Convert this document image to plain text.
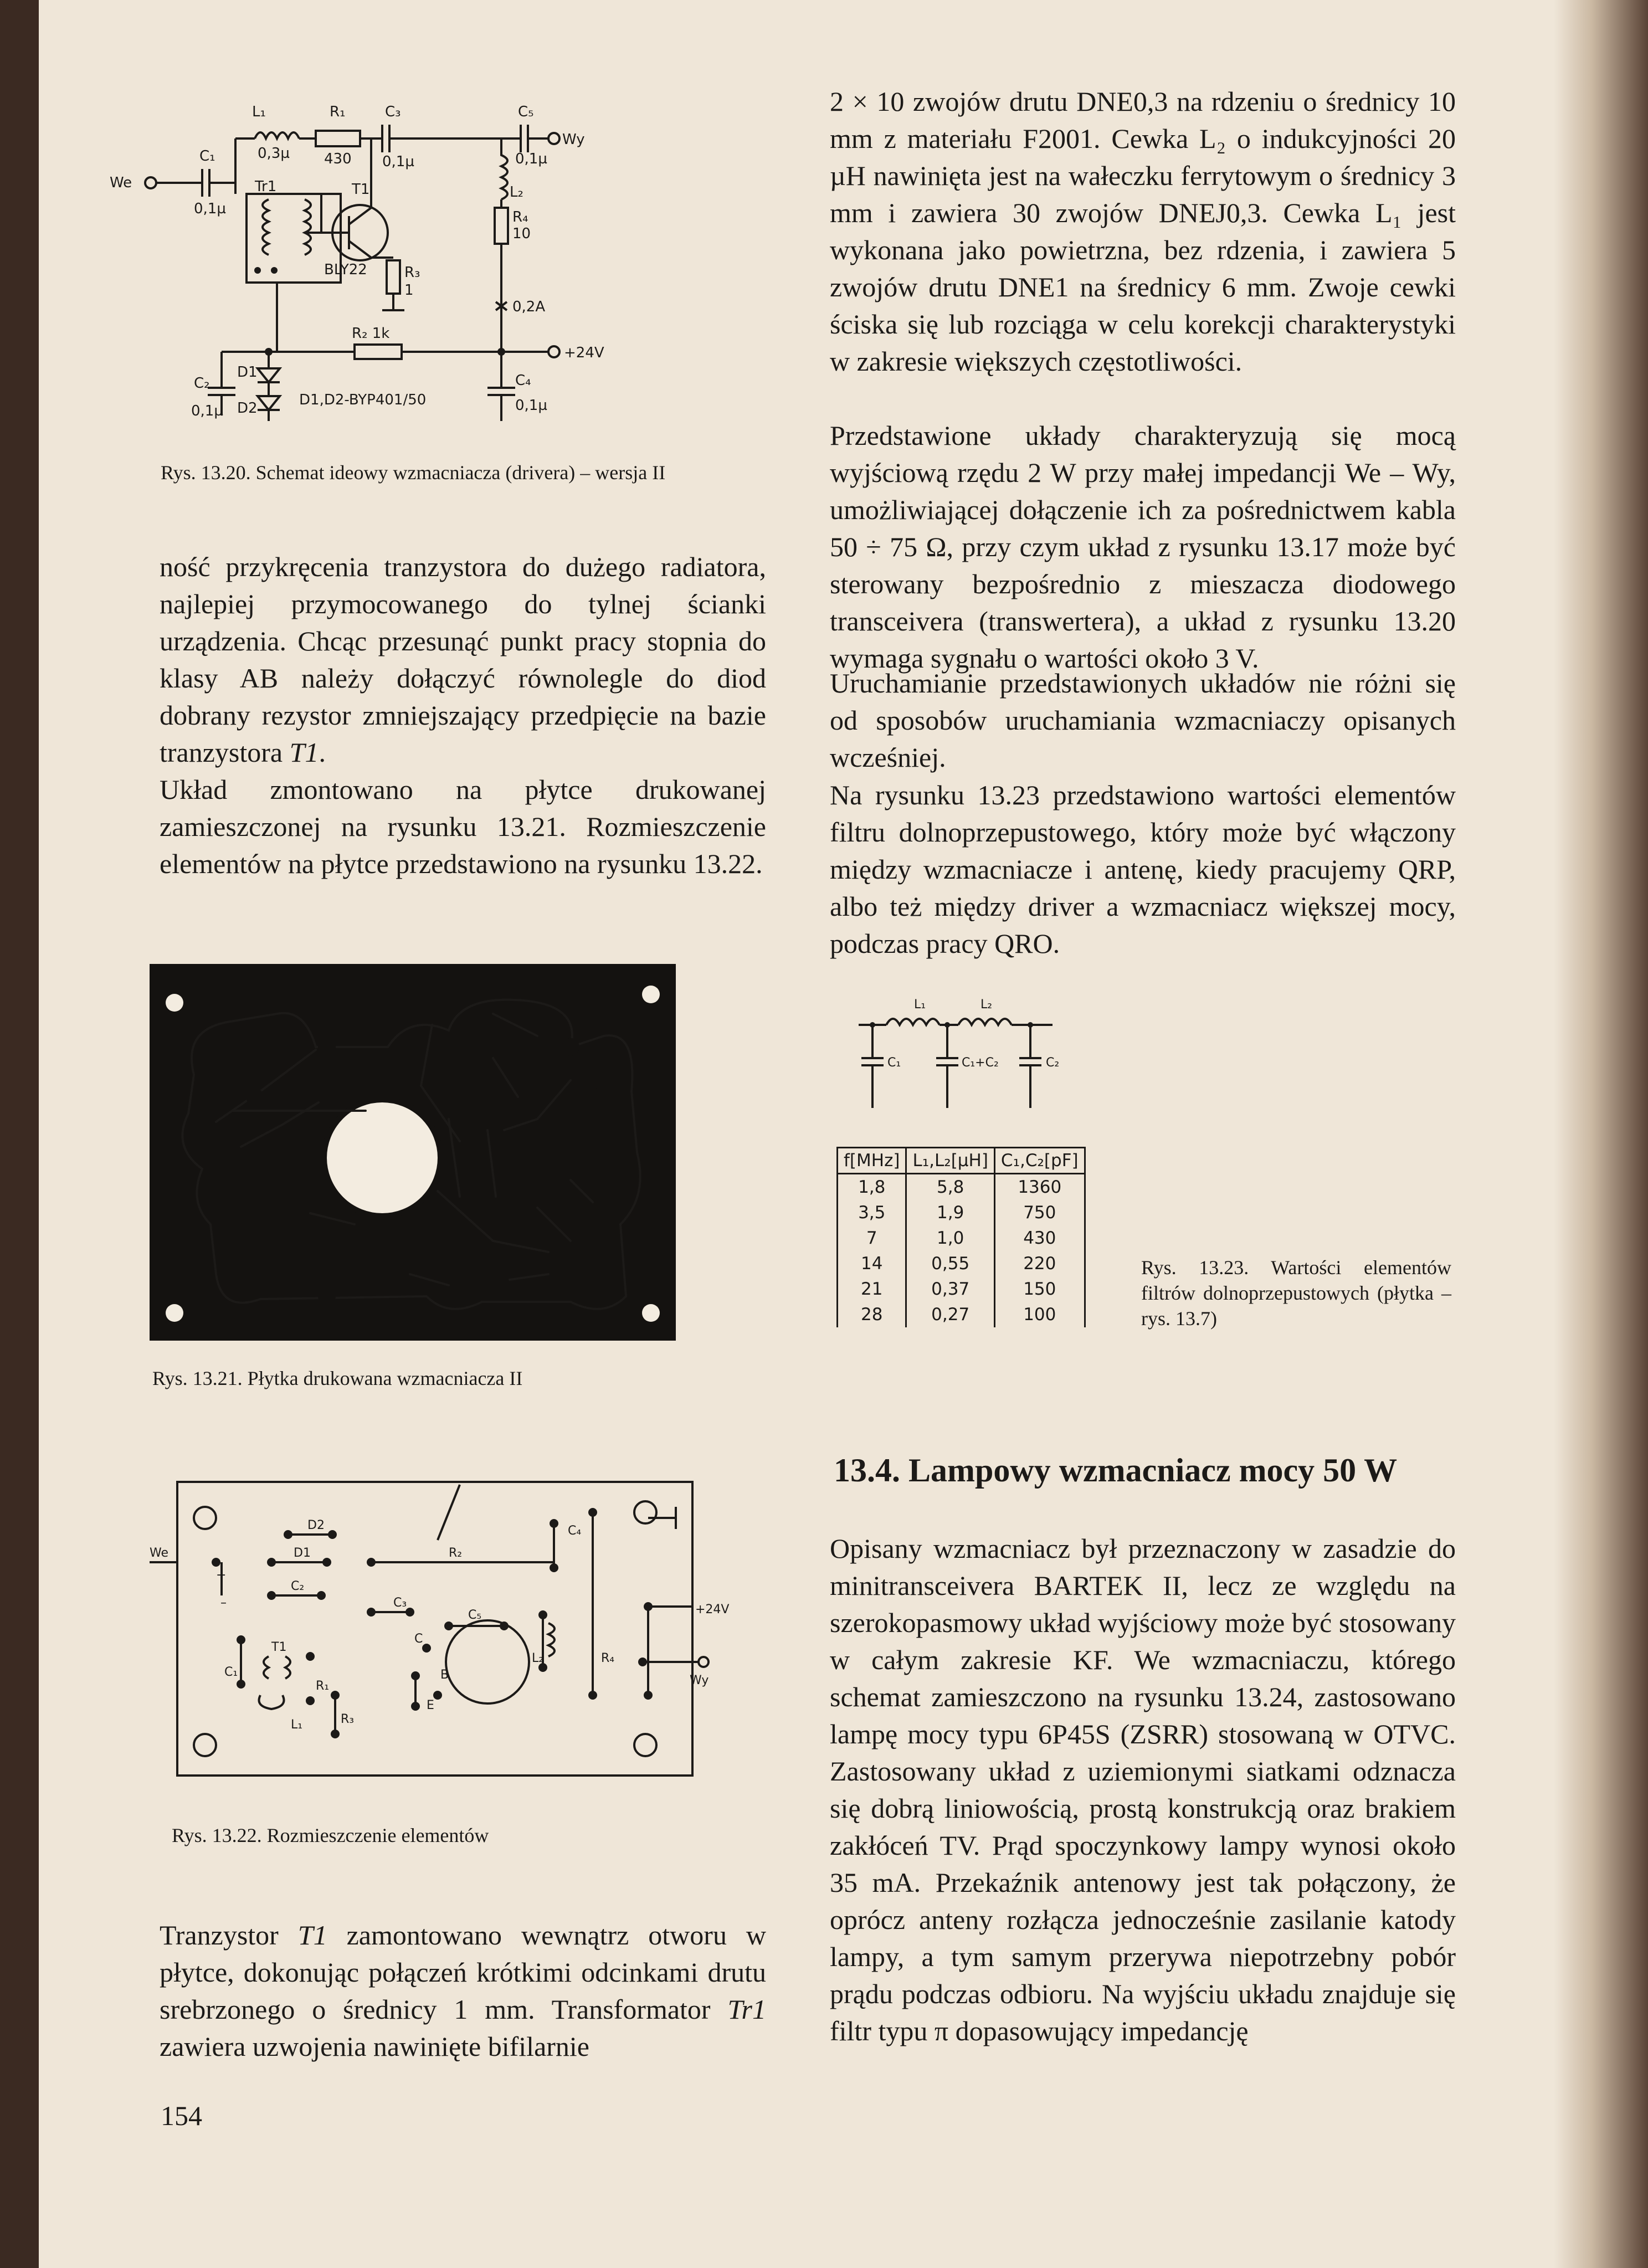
L₁	R₁	C₃	C₅
Wy
C₁
We
0,1µ
0,3µ 430 0,1µ	0,1µ
Tr1	T1	L₂
BLY22	R₃
1
R₄
10
0,2A
R₂ 1k
+24V
C₂
D1
0,1µ D2	D1,D2-BYP401/50
C₄
0,1µ

Rys. 13.20. Schemat ideowy wzmacniacza (drivera) – wersja II

ność przykręcenia tranzystora do dużego radiatora, najlepiej przymocowanego do tylnej ścianki urządzenia. Chcąc przesunąć punkt pracy stopnia do klasy AB należy dołączyć równolegle do diod dobrany rezystor zmniejszający przedpięcie na bazie tranzystora T1.

Układ zmontowano na płytce drukowanej zamieszczonej na rysunku 13.21. Rozmieszczenie elementów na płytce przedstawiono na rysunku 13.22.

Rys. 13.21. Płytka drukowana wzmacniacza II

D2
D1
We
+
–
R₂
C₂
C₃
C₅
C₄
+24V
C
B
E
C₁
T1
R₁
R₃
L₁
L₂	R₄
Wy

Rys. 13.22. Rozmieszczenie elementów

Tranzystor T1 zamontowano wewnątrz otworu w płytce, dokonując połączeń krótkimi odcinkami drutu srebrzonego o średnicy 1 mm. Transformator Tr1 zawiera uzwojenia nawinięte bifilarnie

154

2 × 10 zwojów drutu DNE0,3 na rdzeniu o średnicy 10 mm z materiału F2001. Cewka L₂ o indukcyjności 20 µH nawinięta jest na wałeczku ferrytowym o średnicy 3 mm i zawiera 30 zwojów DNEJ0,3. Cewka L₁ jest wykonana jako powietrzna, bez rdzenia, i zawiera 5 zwojów drutu DNE1 na średnicy 6 mm. Zwoje cewki ściska się lub rozciąga w celu korekcji charakterystyki w zakresie większych częstotliwości.

Przedstawione układy charakteryzują się mocą wyjściową rzędu 2 W przy małej impedancji We – Wy, umożliwiającej dołączenie ich za pośrednictwem kabla 50 ÷ 75 Ω, przy czym układ z rysunku 13.17 może być sterowany bezpośrednio z mieszacza diodowego transceivera (transwertera), a układ z rysunku 13.20 wymaga sygnału o wartości około 3 V.

Uruchamianie przedstawionych układów nie różni się od sposobów uruchamiania wzmacniaczy opisanych wcześniej.

Na rysunku 13.23 przedstawiono wartości elementów filtru dolnoprzepustowego, który może być włączony między wzmacniacze i antenę, kiedy pracujemy QRP, albo też między driver a wzmacniacz większej mocy, podczas pracy QRO.

L₁	L₂
C₁	C₁+C₂	C₂
f[MHz]	L₁,L₂[µH]	C₁,C₂[pF]
1,8	5,8	1360
3,5	1,9	750
7	1,0	430
14	0,55	220
21	0,37	150
28	0,27	100

Rys. 13.23. Wartości elementów filtrów dolnoprzepustowych (płytka – rys. 13.7)

13.4. Lampowy wzmacniacz mocy 50 W

Opisany wzmacniacz był przeznaczony w zasadzie do minitransceivera BARTEK II, lecz ze względu na szerokopasmowy układ wyjściowy może być stosowany w całym zakresie KF. We wzmacniaczu, którego schemat zamieszczono na rysunku 13.24, zastosowano lampę mocy typu 6P45S (ZSRR) stosowaną w OTVC. Zastosowany układ z uziemionymi siatkami odznacza się dobrą liniowością, prostą konstrukcją oraz brakiem zakłóceń TV. Prąd spoczynkowy lampy wynosi około 35 mA. Przekaźnik antenowy jest tak połączony, że oprócz anteny rozłącza jednocześnie zasilanie katody lampy, a tym samym przerywa niepotrzebny pobór prądu podczas odbioru. Na wyjściu układu znajduje się filtr typu π dopasowujący impedancję
